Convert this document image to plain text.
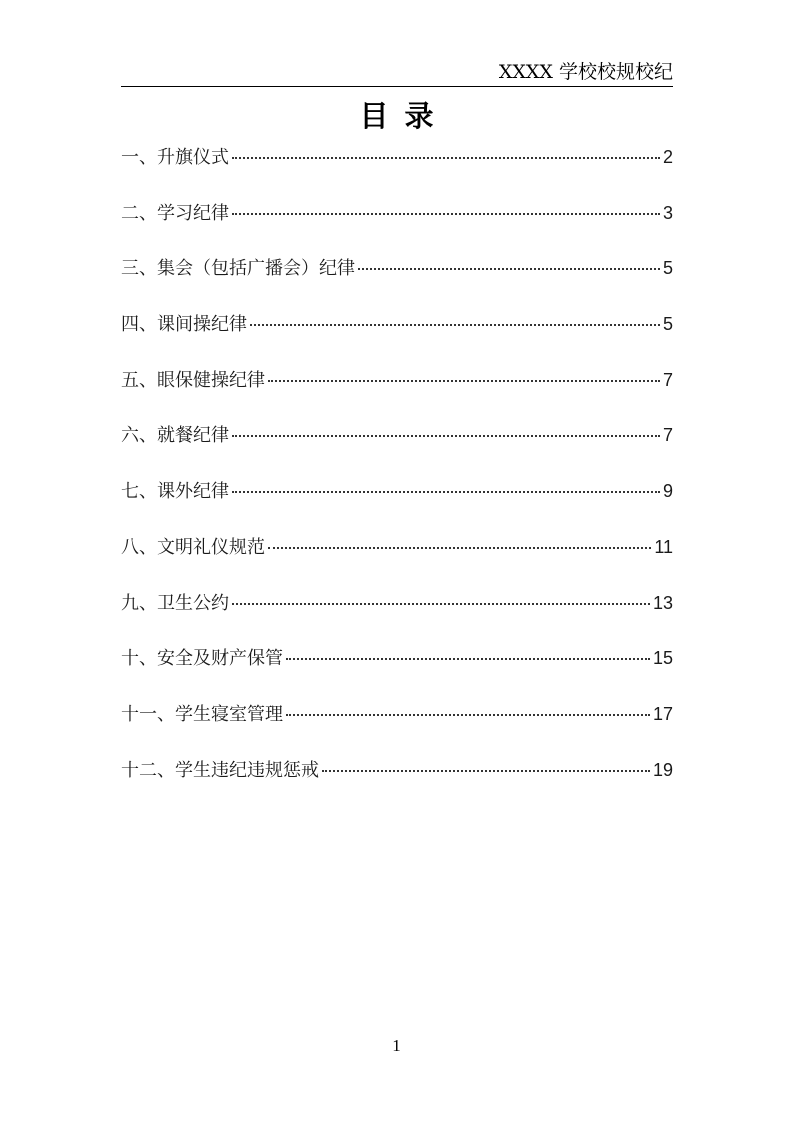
XXXX 学校校规校纪
目录
一、升旗仪式	2
二、学习纪律	3
三、集会（包括广播会）纪律	5
四、课间操纪律	5
五、眼保健操纪律	7
六、就餐纪律	7
七、课外纪律	9
八、文明礼仪规范	11
九、卫生公约	13
十、安全及财产保管	15
十一、学生寝室管理	17
十二、学生违纪违规惩戒	19
1
